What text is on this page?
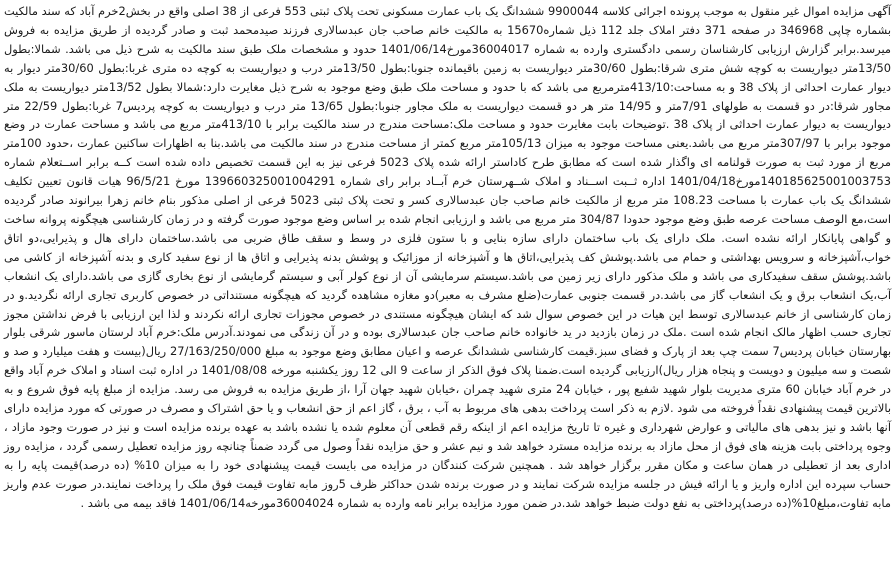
آگهی مزایده اموال غیر منقول به موجب پرونده اجرائی کلاسه 9900044 ششدانگ یک باب عمارت مسکونی تحت پلاک ثبتی 553 فرعی از 38 اصلی واقع در بخش2خرم آباد که سند مالکیت بشماره چاپی 346968 در صفحه 371 دفتر املاک جلد 112 ذیل شماره15670 به مالکیت خانم صاحب جان عبدسالاری فرزند صیدمحمد ثبت و صادر گردیده از طریق مزایده به فروش میرسد.برابر گزارش ارزیابی کارشناسان رسمی دادگستری وارده به شماره 36004017مورخ1401/06/14 حدود و مشخصات ملک طبق سند مالکیت به شرح ذیل می باشد. شمالا:بطول 13/50متر دیواریست به کوچه شش متری شرقا:بطول 30/60متر دیواریست به زمین باقیمانده جنوبا:بطول 13/50متر درب و دیواریست به کوچه ده متری غربا:بطول 30/60متر دیوار به دیوار عمارت احداثی از پلاک 38 و به مساحت:413/10مترمربع می باشد که با حدود و مساحت ملک طبق وضع موجود به شرح ذیل مغایرت دارد:شمالا بطول 13/52متر دیواریست به ملک مجاور شرقا:در دو قسمت به طولهای 7/91متر و 14/95 متر هر دو قسمت دیواریست به ملک مجاور جنوبا:بطول 13/65 متر درب و دیواریست به کوچه پردیس7 غربا:بطول 22/59 متر دیواریست به دیوار عمارت احداثی از پلاک 38 .توضیحات بابت مغایرت حدود و مساحت ملک:مساحت مندرج در سند مالکیت برابر با 413/10متر مربع می باشد و مساحت عمارت در وضع موجود برابر با 307/97متر مربع می باشد.یعنی مساحت موجود به میزان 105/13متر مربع کمتر از مساحت مندرج در سند مالکیت می باشد.بنا به اظهارات ساکنین عمارت ،حدود 100متر مربع از مورد ثبت به صورت قولنامه ای واگذار شده است که مطابق طرح کاداستر ارائه شده پلاک 5023 فرعی نیز به این قسمت تخصیص داده شده است کــه برابر اســتعلام شماره 140185625001003753مورخ1401/04/18 اداره ثــبت اســناد و املاک شــهرستان خرم آبــاد برابر رای شماره 139660325001004291 مورخ 96/5/21 هیات قانون تعیین تکلیف ششدانگ یک باب عمارت با مساحت 108.23 متر مربع از مالکیت خانم صاحب جان عبدسالاری کسر و تحت پلاک ثبتی 5023 فرعی از اصلی مذکور بنام خانم زهرا بیرانوند صادر گردیده است،مع الوصف مساحت عرصه طبق وضع موجود حدودا 304/87 متر مربع می باشد و ارزیابی انجام شده بر اساس وضع موجود صورت گرفته و در زمان کارشناسی هیچگونه پروانه ساخت و گواهی پایانکار ارائه نشده است. ملک دارای یک باب ساختمان دارای سازه بنایی و با ستون فلزی در وسط و سقف طاق ضربی می باشد.ساختمان دارای هال و پذیرایی،دو اتاق خواب،آشپزخانه و سرویس بهداشتی و حمام می باشد.پوشش کف پذیرایی،اتاق ها و آشپزخانه از موزائیک و پوشش بدنه پذیرایی و اتاق ها از نوع سفید کاری و بدنه آشپزخانه از کاشی می باشد.پوشش سقف سفیدکاری می باشد و ملک مذکور دارای زیر زمین می باشد.سیستم سرمایشی آن از نوع کولر آبی و سیستم گرمایشی از نوع بخاری گازی می باشد.دارای یک انشعاب آب،یک انشعاب برق و یک انشعاب گاز می باشد.در قسمت جنوبی عمارت(ضلع مشرف به معبر)دو مغازه مشاهده گردید که هیچگونه مستنداتی در خصوص کاربری تجاری ارائه نگردید.و در زمان کارشناسی از خانم عبدسالاری توسط این هیات در این خصوص سوال شد که ایشان هیچگونه مستندی در خصوص مجوزات تجاری ارائه نکردند و لذا این ارزیابی با فرض نداشتن مجوز تجاری حسب اظهار مالک انجام شده است .ملک در زمان بازدید در ید خانواده خانم صاحب جان عبدسالاری بوده و در آن زندگی می نمودند.آدرس ملک:خرم آباد لرستان ماسور شرقی بلوار بهارستان خیابان پردیس7 سمت چپ بعد از پارک و فضای سبز.قیمت کارشناسی ششدانگ عرصه و اعیان مطابق وضع موجود به مبلغ 27/163/250/000 ریال(بیست و هفت میلیارد و صد و شصت و سه میلیون و دویست و پنجاه هزار ریال)ارزیابی گردیده است.ضمنا پلاک فوق الذکر از ساعت 9 الی 12 روز یکشنبه مورخه 1401/08/08 در اداره ثبت اسناد و املاک خرم آباد واقع در خرم آباد خیابان 60 متری مدیریت بلوار شهید شفیع پور ، خیابان 24 متری شهید چمران ،خیابان شهید جهان آرا ،از طریق مزایده به فروش می رسد. مزایده از مبلغ پایه فوق شروع و به بالاترین قیمت پیشنهادی نقداً فروخته می شود .لازم به ذکر است پرداخت بدهی های مربوط به آب ، برق ، گاز اعم از حق انشعاب و یا حق اشتراک و مصرف در صورتی که مورد مزایده دارای آنها باشد و نیز بدهی های مالیاتی و عوارض شهرداری و غیره تا تاریخ مزایده اعم از اینکه رقم قطعی آن معلوم شده یا نشده باشد به عهده برنده مزایده است و نیز در صورت وجود مازاد ، وجوه پرداختی بابت هزینه های فوق از محل مازاد به برنده مزایده مسترد خواهد شد و نیم عشر و حق مزایده نقداً وصول می گردد ضمناً چنانچه روز مزایده تعطیل رسمی گردد ، مزایده روز اداری بعد از تعطیلی در همان ساعت و مکان مقرر برگزار خواهد شد . همچنین شرکت کنندگان در مزایده می بایست قیمت پیشنهادی خود را به میزان 10% (ده درصد)قیمت پایه را به حساب سپرده این اداره واریز و یا ارائه فیش در جلسه مزایده شرکت نمایند و در صورت برنده شدن حداکثر ظرف 5روز مابه تفاوت قیمت فوق ملک را پرداخت نمایند.در صورت عدم واریز مابه تفاوت،مبلغ10%(ده درصد)پرداختی به نفع دولت ضبط خواهد شد.در ضمن مورد مزایده برابر نامه وارده به شماره 36004024مورخه1401/06/14 فاقد بیمه می باشد .
